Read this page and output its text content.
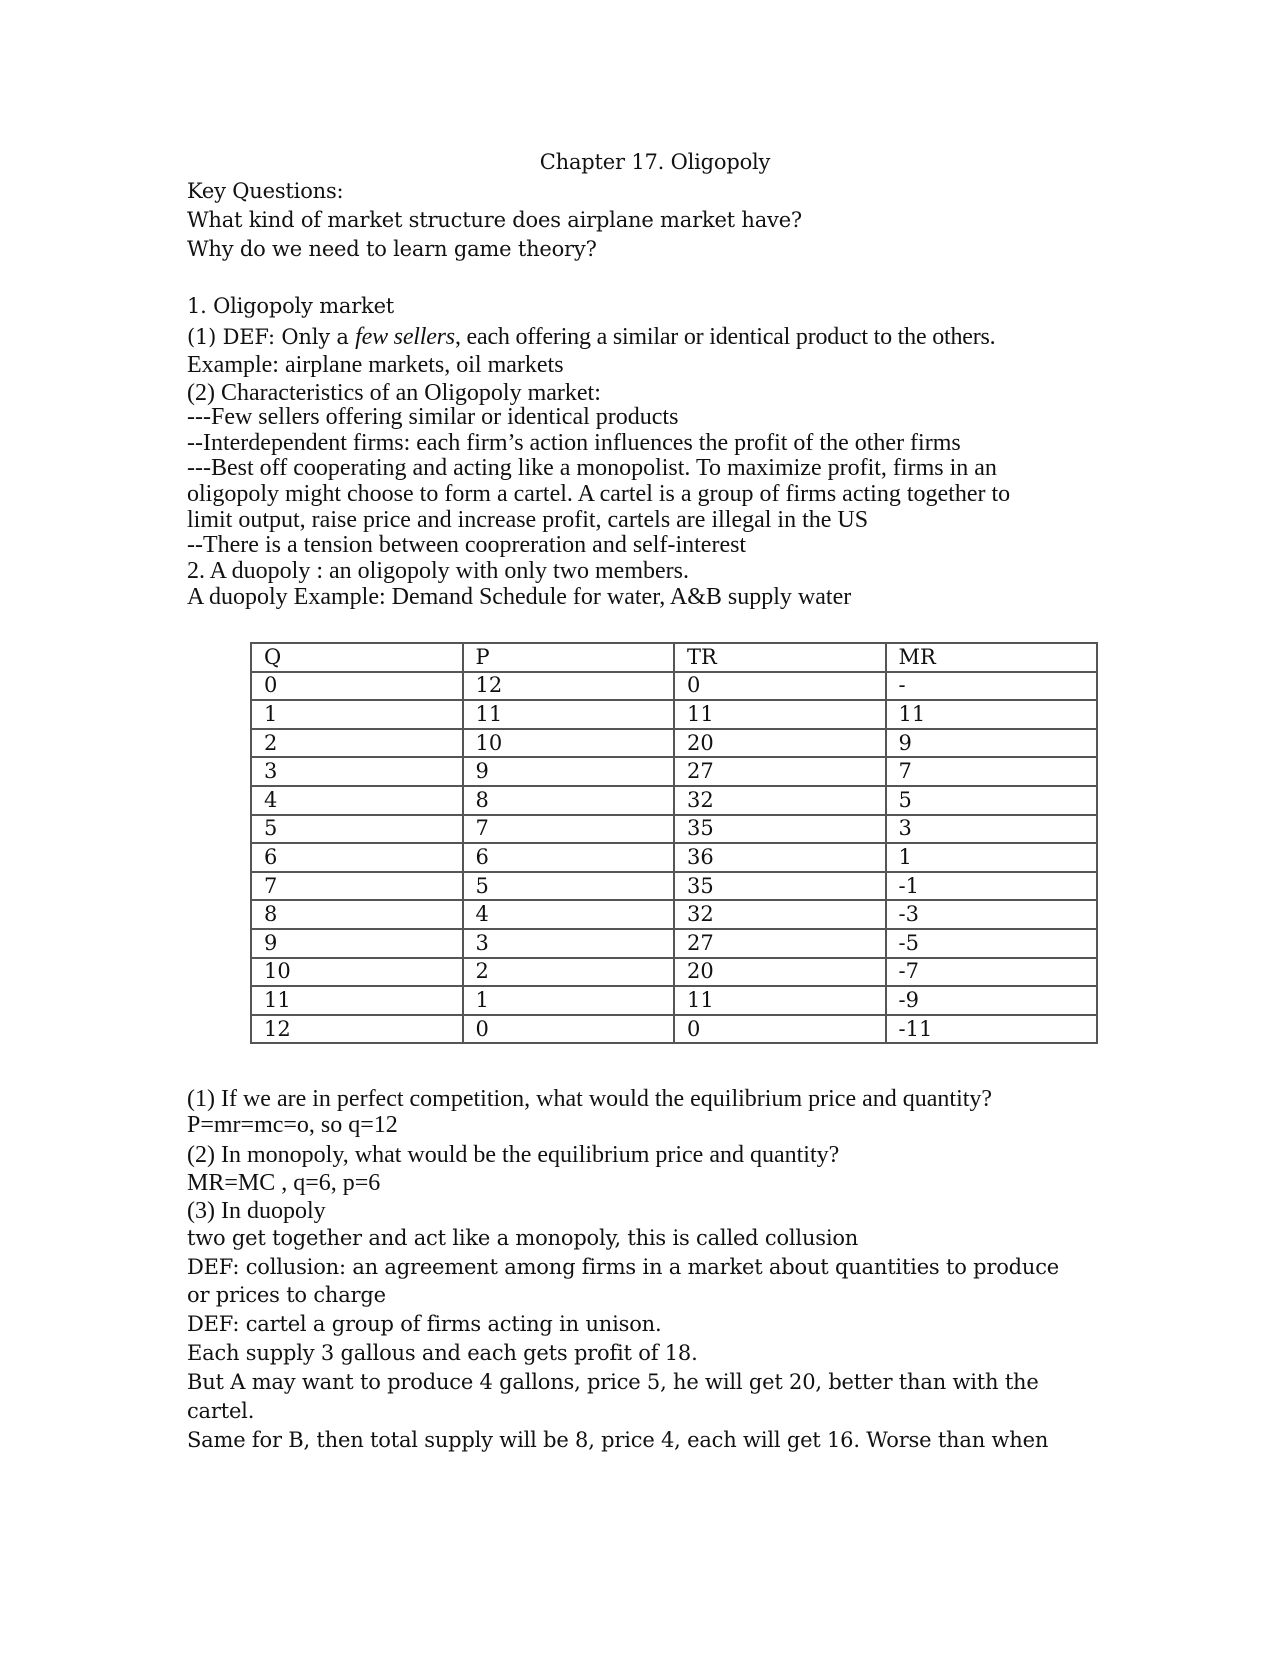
Chapter 17. Oligopoly
Key Questions:
What kind of market structure does airplane market have?
Why do we need to learn game theory?
1. Oligopoly market
(1) DEF: Only a few sellers, each offering a similar or identical product to the others.
Example: airplane markets, oil markets
(2) Characteristics of an Oligopoly market:
---Few sellers offering similar or identical products
--Interdependent firms: each firm’s action influences the profit of the other firms
---Best off cooperating and acting like a monopolist. To maximize profit, firms in an
oligopoly might choose to form a cartel. A cartel is a group of firms acting together to
limit output, raise price and increase profit, cartels are illegal in the US
--There is a tension between coopreration and self-interest
2. A duopoly : an oligopoly with only two members.
A duopoly Example: Demand Schedule for water, A&B supply water
Q	P	TR	MR
0	12	0	-
1	11	11	11
2	10	20	9
3	9	27	7
4	8	32	5
5	7	35	3
6	6	36	1
7	5	35	-1
8	4	32	-3
9	3	27	-5
10	2	20	-7
11	1	11	-9
12	0	0	-11
(1) If we are in perfect competition, what would the equilibrium price and quantity?
P=mr=mc=o, so q=12
(2) In monopoly, what would be the equilibrium price and quantity?
MR=MC , q=6, p=6
(3) In duopoly
two get together and act like a monopoly, this is called collusion
DEF: collusion: an agreement among firms in a market about quantities to produce
or prices to charge
DEF: cartel a group of firms acting in unison.
Each supply 3 gallous and each gets profit of 18.
But A may want to produce 4 gallons, price 5, he will get 20, better than with the
cartel.
Same for B, then total supply will be 8, price 4, each will get 16. Worse than when
